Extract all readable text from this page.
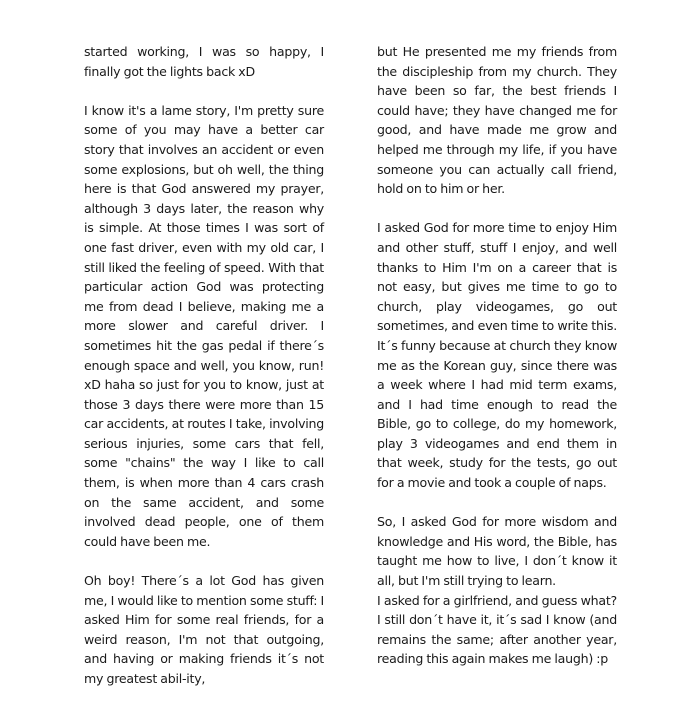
started working, I was so happy, I finally got the lights back xD

I know it's a lame story, I'm pretty sure some of you may have a better car story that involves an accident or even some explosions, but oh well, the thing here is that God answered my prayer, although 3 days later, the reason why is simple. At those times I was sort of one fast driver, even with my old car, I still liked the feeling of speed. With that particular action God was protecting me from dead I believe, making me a more slower and careful driver. I sometimes hit the gas pedal if there´s enough space and well, you know, run! xD haha so just for you to know, just at those 3 days there were more than 15 car accidents, at routes I take, involving serious injuries, some cars that fell, some "chains" the way I like to call them, is when more than 4 cars crash on the same accident, and some involved dead people, one of them could have been me.

Oh boy! There´s a lot God has given me, I would like to mention some stuff: I asked Him for some real friends, for a weird reason, I'm not that outgoing, and having or making friends it´s not my greatest abil-ity,

but He presented me my friends from the discipleship from my church. They have been so far, the best friends I could have; they have changed me for good, and have made me grow and helped me through my life, if you have someone you can actually call friend, hold on to him or her.

I asked God for more time to enjoy Him and other stuff, stuff I enjoy, and well thanks to Him I'm on a career that is not easy, but gives me time to go to church, play videogames, go out sometimes, and even time to write this. It´s funny because at church they know me as the Korean guy, since there was a week where I had mid term exams, and I had time enough to read the Bible, go to college, do my homework, play 3 videogames and end them in that week, study for the tests, go out for a movie and took a couple of naps.

So, I asked God for more wisdom and knowledge and His word, the Bible, has taught me how to live, I don´t know it all, but I'm still trying to learn.

I asked for a girlfriend, and guess what? I still don´t have it, it´s sad I know (and remains the same; after another year, reading this again makes me laugh) :p
